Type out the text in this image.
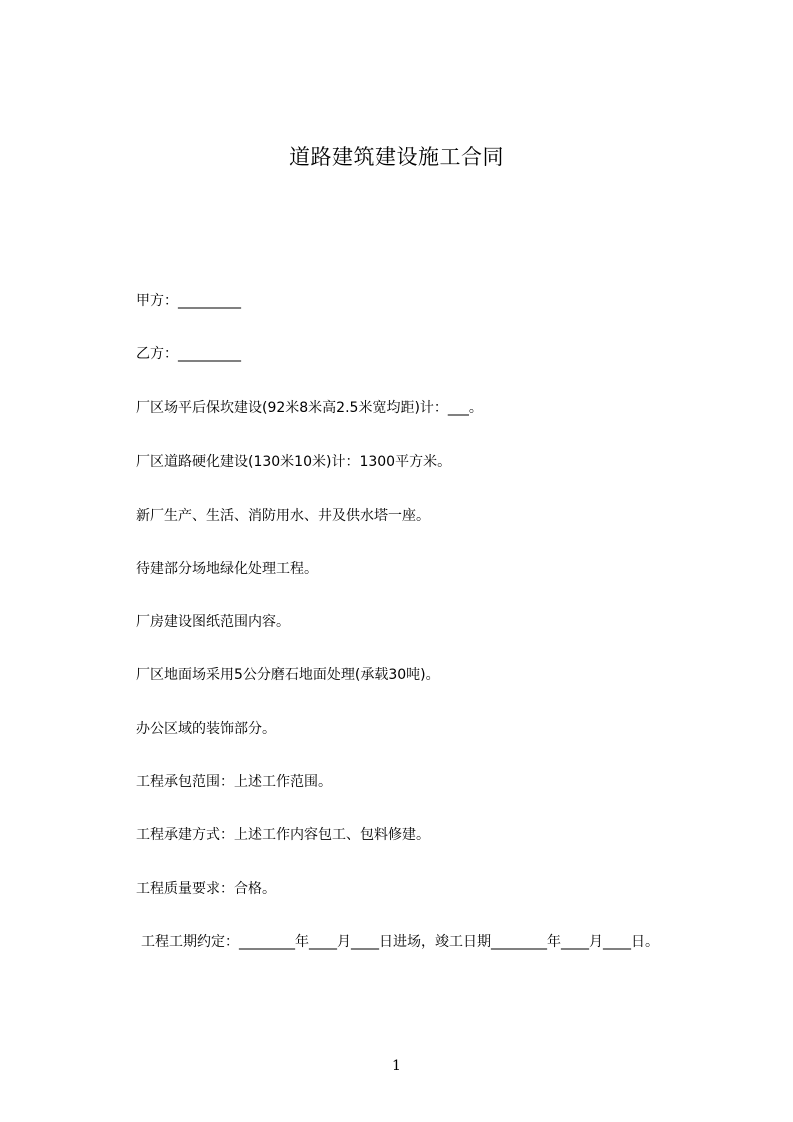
道路建筑建设施工合同
甲方：_________
乙方：_________
厂区场平后保坎建设(92米8米高2.5米宽均距)计：___。
厂区道路硬化建设(130米10米)计：1300平方米。
新厂生产、生活、消防用水、井及供水塔一座。
待建部分场地绿化处理工程。
厂房建设图纸范围内容。
厂区地面场采用5公分磨石地面处理(承载30吨)。
办公区域的装饰部分。
工程承包范围：上述工作范围。
工程承建方式：上述工作内容包工、包料修建。
工程质量要求：合格。
工程工期约定：________年____月____日进场，竣工日期________年____月____日。
1
